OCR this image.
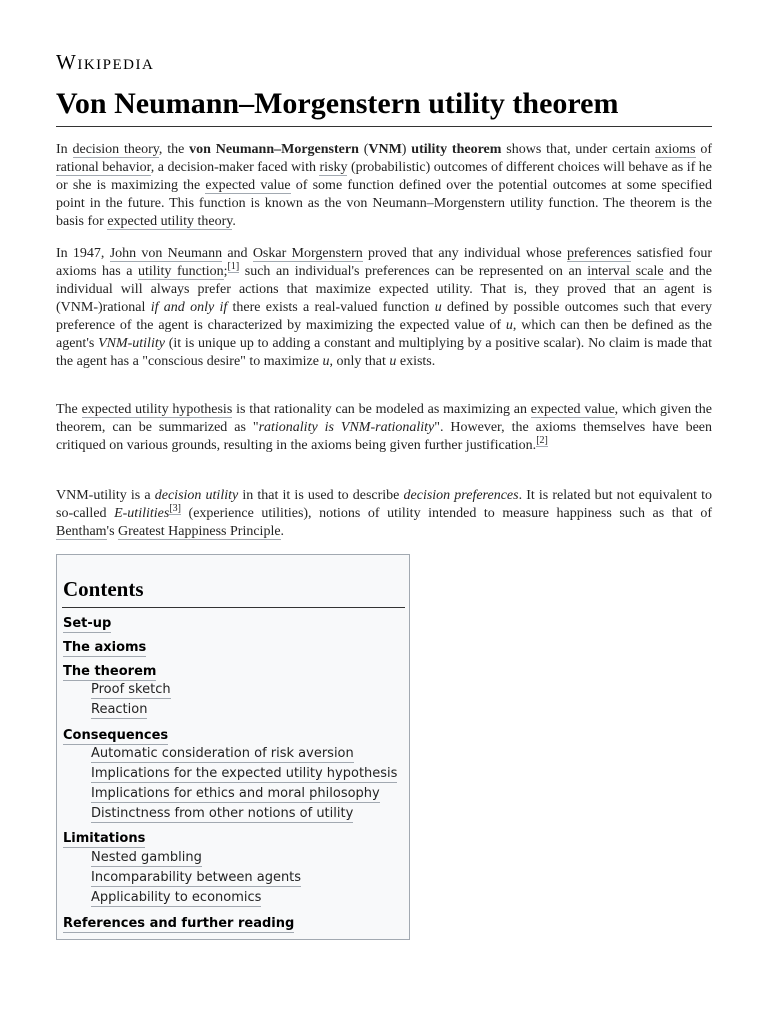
Wikipedia
Von Neumann–Morgenstern utility theorem

In decision theory, the von Neumann–Morgenstern (VNM) utility theorem shows that, under certain axioms of rational behavior, a decision-maker faced with risky (probabilistic) outcomes of different choices will behave as if he or she is maximizing the expected value of some function defined over the potential outcomes at some specified point in the future. This function is known as the von Neumann–Morgenstern utility function. The theorem is the basis for expected utility theory.

In 1947, John von Neumann and Oskar Morgenstern proved that any individual whose preferences satisfied four axioms has a utility function;[1] such an individual's preferences can be represented on an interval scale and the individual will always prefer actions that maximize expected utility. That is, they proved that an agent is (VNM-)rational if and only if there exists a real-valued function u defined by possible outcomes such that every preference of the agent is characterized by maximizing the expected value of u, which can then be defined as the agent's VNM-utility (it is unique up to adding a constant and multiplying by a positive scalar). No claim is made that the agent has a "conscious desire" to maximize u, only that u exists.

The expected utility hypothesis is that rationality can be modeled as maximizing an expected value, which given the theorem, can be summarized as "rationality is VNM-rationality". However, the axioms themselves have been critiqued on various grounds, resulting in the axioms being given further justification.[2]

VNM-utility is a decision utility in that it is used to describe decision preferences. It is related but not equivalent to so-called E-utilities[3] (experience utilities), notions of utility intended to measure happiness such as that of Bentham's Greatest Happiness Principle.

Contents
Set-up
The axioms
The theorem
Proof sketch
Reaction
Consequences
Automatic consideration of risk aversion
Implications for the expected utility hypothesis
Implications for ethics and moral philosophy
Distinctness from other notions of utility
Limitations
Nested gambling
Incomparability between agents
Applicability to economics
References and further reading
